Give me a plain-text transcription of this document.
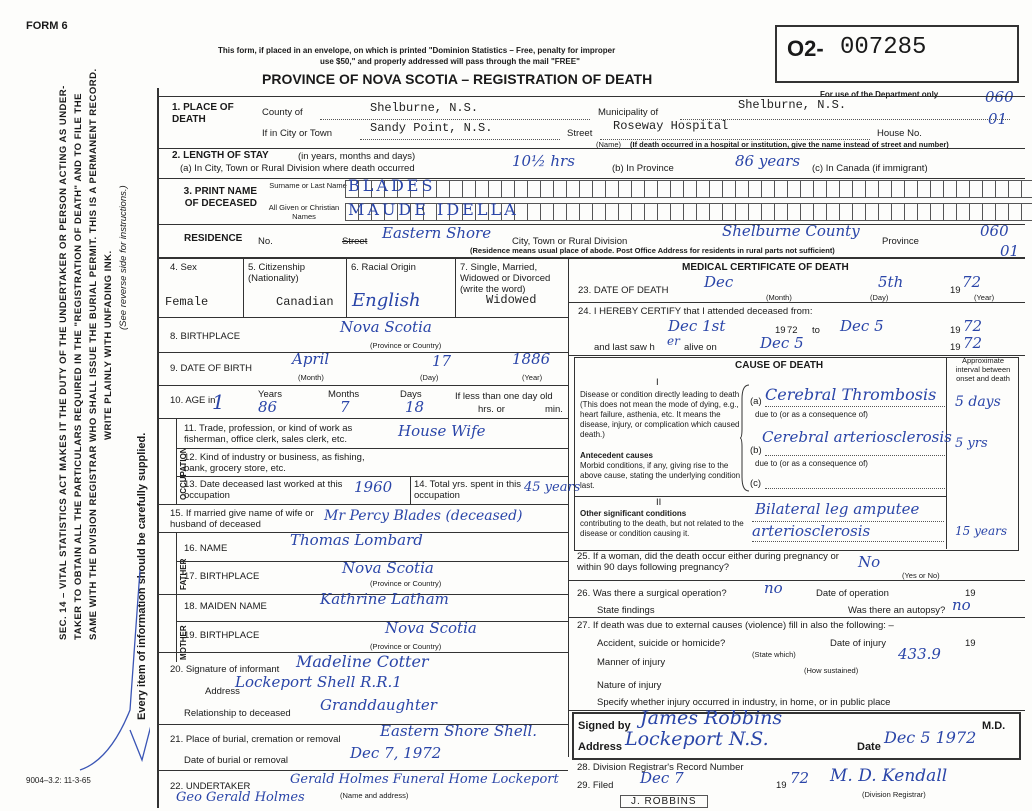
FORM 6
This form, if placed in an envelope, on which is printed "Dominion Statistics – Free, penalty for improper
use $50," and properly addressed will pass through the mail "FREE"
PROVINCE OF NOVA SCOTIA – REGISTRATION OF DEATH
O2- 007285
For use of the Department only	060
01
SEC. 14 – VITAL STATISTICS ACT MAKES IT THE DUTY OF THE UNDERTAKER OR PERSON ACTING AS UNDER- TAKER TO OBTAIN ALL THE PARTICULARS REQUIRED IN THE "REGISTRATION OF DEATH" AND TO FILE THE SAME WITH THE DIVISION REGISTRAR WHO SHALL ISSUE THE BURIAL PERMIT. THIS IS A PERMANENT RECORD. WRITE PLAINLY WITH UNFADING INK. (See reverse side for instructions.)
Every item of information should be carefully supplied.
1. PLACE OF DEATH
County of	Shelburne, N.S.	Municipality of
Shelburne, N.S.
If in City or Town	Sandy Point, N.S.	Street
Roseway Hospital
House No.
(Name) (If death occurred in a hospital or institution, give the name instead of street and number)
2. LENGTH OF STAY	(in years, months and days)
(a) In City, Town or Rural Division where death occurred	10½ hrs	(b) In Province	86 years (c) In Canada (if immigrant)
3. PRINT NAME OF DECEASED
Surname or Last Name
All Given or Christian Names
BLADES
MAUDE IDELLA
RESIDENCE No.	Street Eastern Shore City, Town or Rural Division
Shelburne County
Province
060
01
(Residence means usual place of abode. Post Office Address for residents in rural parts not sufficient)
4. Sex
Female
5. Citizenship (Nationality)
Canadian
6. Racial Origin
English
7. Single, Married, Widowed or Divorced (write the word)
Widowed
8. BIRTHPLACE
Nova Scotia
(Province or Country)
9. DATE OF BIRTH
April	17	1886
(Month)	(Day)	(Year)
10. AGE in
1	Years	Months	Days
86	7	18
If less than one day old
hrs. or	min.
OCCUPATION
11. Trade, profession, or kind of work as fisherman, office clerk, sales clerk, etc.	House Wife
12. Kind of industry or business, as fishing, bank, grocery store, etc.
13. Date deceased last worked at this occupation	1960 14. Total yrs. spent in this occupation
45 years
15. If married give name of wife or husband of deceased
Mr Percy Blades (deceased)
FATHER
MOTHER
16. NAME	Thomas Lombard
17. BIRTHPLACE	Nova Scotia
(Province or Country)
19. BIRTHPLACE
18. MAIDEN NAME	Kathrine Latham
Nova Scotia
(Province or Country)
20. Signature of informant Madeline Cotter
Address
Lockeport Shell R.R.1
Relationship to deceased Granddaughter
21. Place of burial, cremation or removal	Eastern Shore Shell.
Date of burial or removal	Dec 7, 1972
22. UNDERTAKER	Gerald Holmes Funeral Home Lockeport
(Name and address)
Geo Gerald Holmes
9004–3.2: 11-3-65
MEDICAL CERTIFICATE OF DEATH
23. DATE OF DEATH Dec	5th	19 72
(Month)	(Day)	(Year)
24. I HEREBY CERTIFY that I attended deceased from:
Dec 1st	to Dec 5
19 72	19 72
and last saw h er alive on	Dec 5	19 72
CAUSE OF DEATH	Approximate interval between onset and death
I
II
Disease or condition directly leading to death (This does not mean the mode of dying, e.g., heart failure, asthenia, etc. It means the disease, injury, or complication which caused death.)
(a) Cerebral Thrombosis 5 days
due to (or as a consequence of)
Antecedent causes
Morbid conditions, if any, giving rise to the above cause, stating the underlying condition last.
(b)
Cerebral arteriosclerosis 5 yrs
due to (or as a consequence of)
(c)
Other significant conditions
contributing to the death, but not related to the disease or condition causing it.
Bilateral leg amputee
arteriosclerosis	15 years
25. If a woman, did the death occur either during pregnancy or within 90 days following pregnancy?	No
(Yes or No)
26. Was there a surgical operation? no	Date of operation	19
State findings	Was there an autopsy? no
27. If death was due to external causes (violence) fill in also the following: –
Accident, suicide or homicide?	Date of injury	19
(State which)
Manner of injury	433.9
(How sustained)
Nature of injury
Specify whether injury occurred in industry, in home, or in public place
Signed by James Robbins	M.D.
Address Lockeport N.S.	Date Dec 5 1972
28. Division Registrar's Record Number
29. Filed Dec 7	19 72 M. D. Kendall
(Division Registrar)
J. ROBBINS
